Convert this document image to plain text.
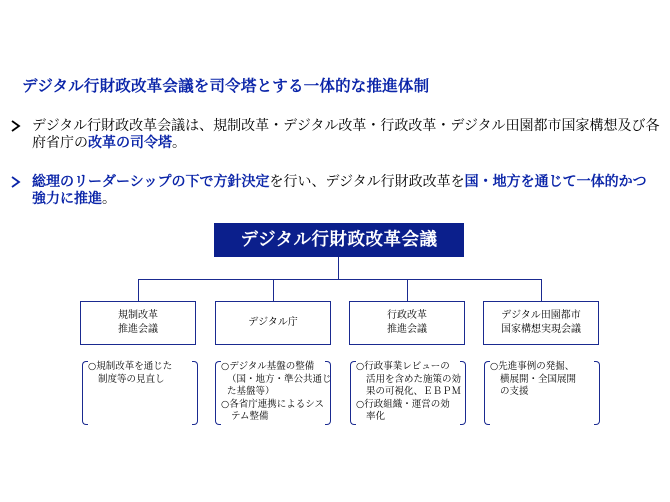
デジタル行財政改革会議を司令塔とする一体的な推進体制
デジタル行財政改革会議は、規制改革・デジタル改革・行政改革・デジタル田園都市国家構想及び各府省庁の改革の司令塔。
総理のリーダーシップの下で方針決定を行い、デジタル行財政改革を国・地方を通じて一体的かつ強力に推進。
デジタル行財政改革会議
規制改革
推進会議
デジタル庁
行政改革
推進会議
デジタル田園都市
国家構想実現会議
○規制改革を通じた
制度等の見直し
○デジタル基盤の整備
（国・地方・準公共通じ
た基盤等）
○各省庁連携によるシス
テム整備
○行政事業レビューの
活用を含めた施策の効
果の可視化、ＥＢＰＭ
○行政組織・運営の効
率化
○先進事例の発掘、
横展開・全国展開
の支援
